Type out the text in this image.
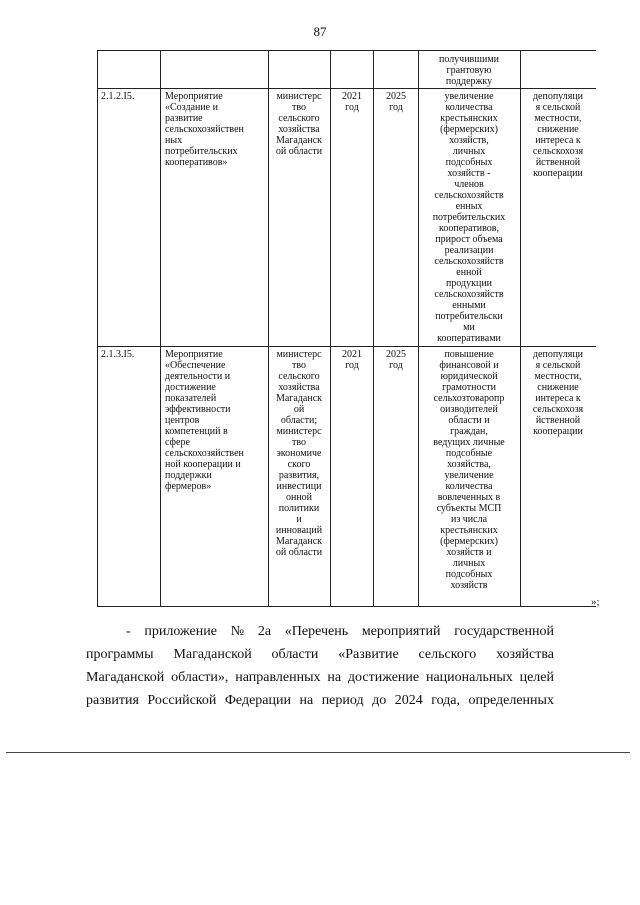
87
получившими
грантовую
поддержку
2.1.2.I5.	Мероприятие
«Создание и
развитие
сельскохозяйствен
ных
потребительских
кооперативов»
министерс
тво
сельского
хозяйства
Магаданск
ой области
2021
год
2025
год
увеличение
количества
крестьянских
(фермерских)
хозяйств,
личных
подсобных
хозяйств -
членов
сельскохозяйств
енных
потребительских
кооперативов,
прирост объема
реализации
сельскохозяйств
енной
продукции
сельскохозяйств
енными
потребительски
ми
кооперативами
депопуляци
я сельской
местности,
снижение
интереса к
сельскохозя
йственной
кооперации
2.1.3.I5.	Мероприятие
«Обеспечение
деятельности и
достижение
показателей
эффективности
центров
компетенций в
сфере
сельскохозяйствен
ной кооперации и
поддержки
фермеров»
министерс
тво
сельского
хозяйства
Магаданск
ой
области;
министерс
тво
экономиче
ского
развития,
инвестици
онной
политики
и
инноваций
Магаданск
ой области
2021
год
2025
год
повышение
финансовой и
юридической
грамотности
сельхозтоваропр
оизводителей
области и
граждан,
ведущих личные
подсобные
хозяйства,
увеличение
количества
вовлеченных в
субъекты МСП
из числа
крестьянских
(фермерских)
хозяйств и
личных
подсобных
хозяйств
депопуляци
я сельской
местности,
снижение
интереса к
сельскохозя
йственной
кооперации
»;
- приложение № 2а «Перечень мероприятий государственной
программы Магаданской области «Развитие сельского хозяйства
Магаданской области», направленных на достижение национальных целей
развития Российской Федерации на период до 2024 года, определенных
